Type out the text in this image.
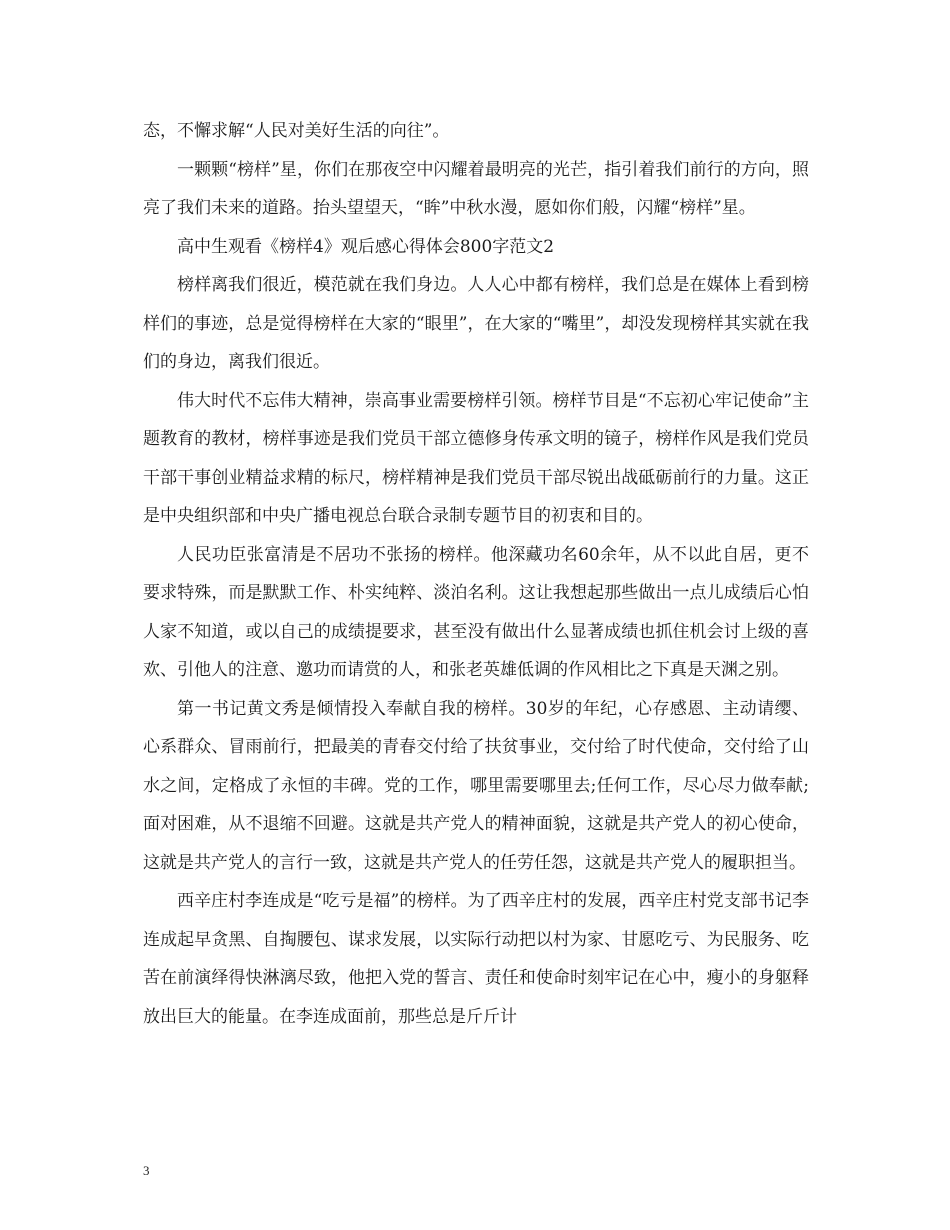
态，不懈求解“人民对美好生活的向往”。

一颗颗“榜样”星，你们在那夜空中闪耀着最明亮的光芒，指引着我们前行的方向，照亮了我们未来的道路。抬头望望天，“眸”中秋水漫，愿如你们般，闪耀“榜样”星。

高中生观看《榜样4》观后感心得体会800字范文2

榜样离我们很近，模范就在我们身边。人人心中都有榜样，我们总是在媒体上看到榜样们的事迹，总是觉得榜样在大家的“眼里”，在大家的“嘴里”，却没发现榜样其实就在我们的身边，离我们很近。

伟大时代不忘伟大精神，崇高事业需要榜样引领。榜样节目是“不忘初心牢记使命”主题教育的教材，榜样事迹是我们党员干部立德修身传承文明的镜子，榜样作风是我们党员干部干事创业精益求精的标尺，榜样精神是我们党员干部尽锐出战砥砺前行的力量。这正是中央组织部和中央广播电视总台联合录制专题节目的初衷和目的。

人民功臣张富清是不居功不张扬的榜样。他深藏功名60余年，从不以此自居，更不要求特殊，而是默默工作、朴实纯粹、淡泊名利。这让我想起那些做出一点儿成绩后心怕人家不知道，或以自己的成绩提要求，甚至没有做出什么显著成绩也抓住机会讨上级的喜欢、引他人的注意、邀功而请赏的人，和张老英雄低调的作风相比之下真是天渊之别。

第一书记黄文秀是倾情投入奉献自我的榜样。30岁的年纪，心存感恩、主动请缨、心系群众、冒雨前行，把最美的青春交付给了扶贫事业，交付给了时代使命，交付给了山水之间，定格成了永恒的丰碑。党的工作，哪里需要哪里去;任何工作，尽心尽力做奉献;面对困难，从不退缩不回避。这就是共产党人的精神面貌，这就是共产党人的初心使命，这就是共产党人的言行一致，这就是共产党人的任劳任怨，这就是共产党人的履职担当。

西辛庄村李连成是“吃亏是福”的榜样。为了西辛庄村的发展，西辛庄村党支部书记李连成起早贪黑、自掏腰包、谋求发展，以实际行动把以村为家、甘愿吃亏、为民服务、吃苦在前演绎得快淋漓尽致，他把入党的誓言、责任和使命时刻牢记在心中，瘦小的身躯释放出巨大的能量。在李连成面前，那些总是斤斤计

3
